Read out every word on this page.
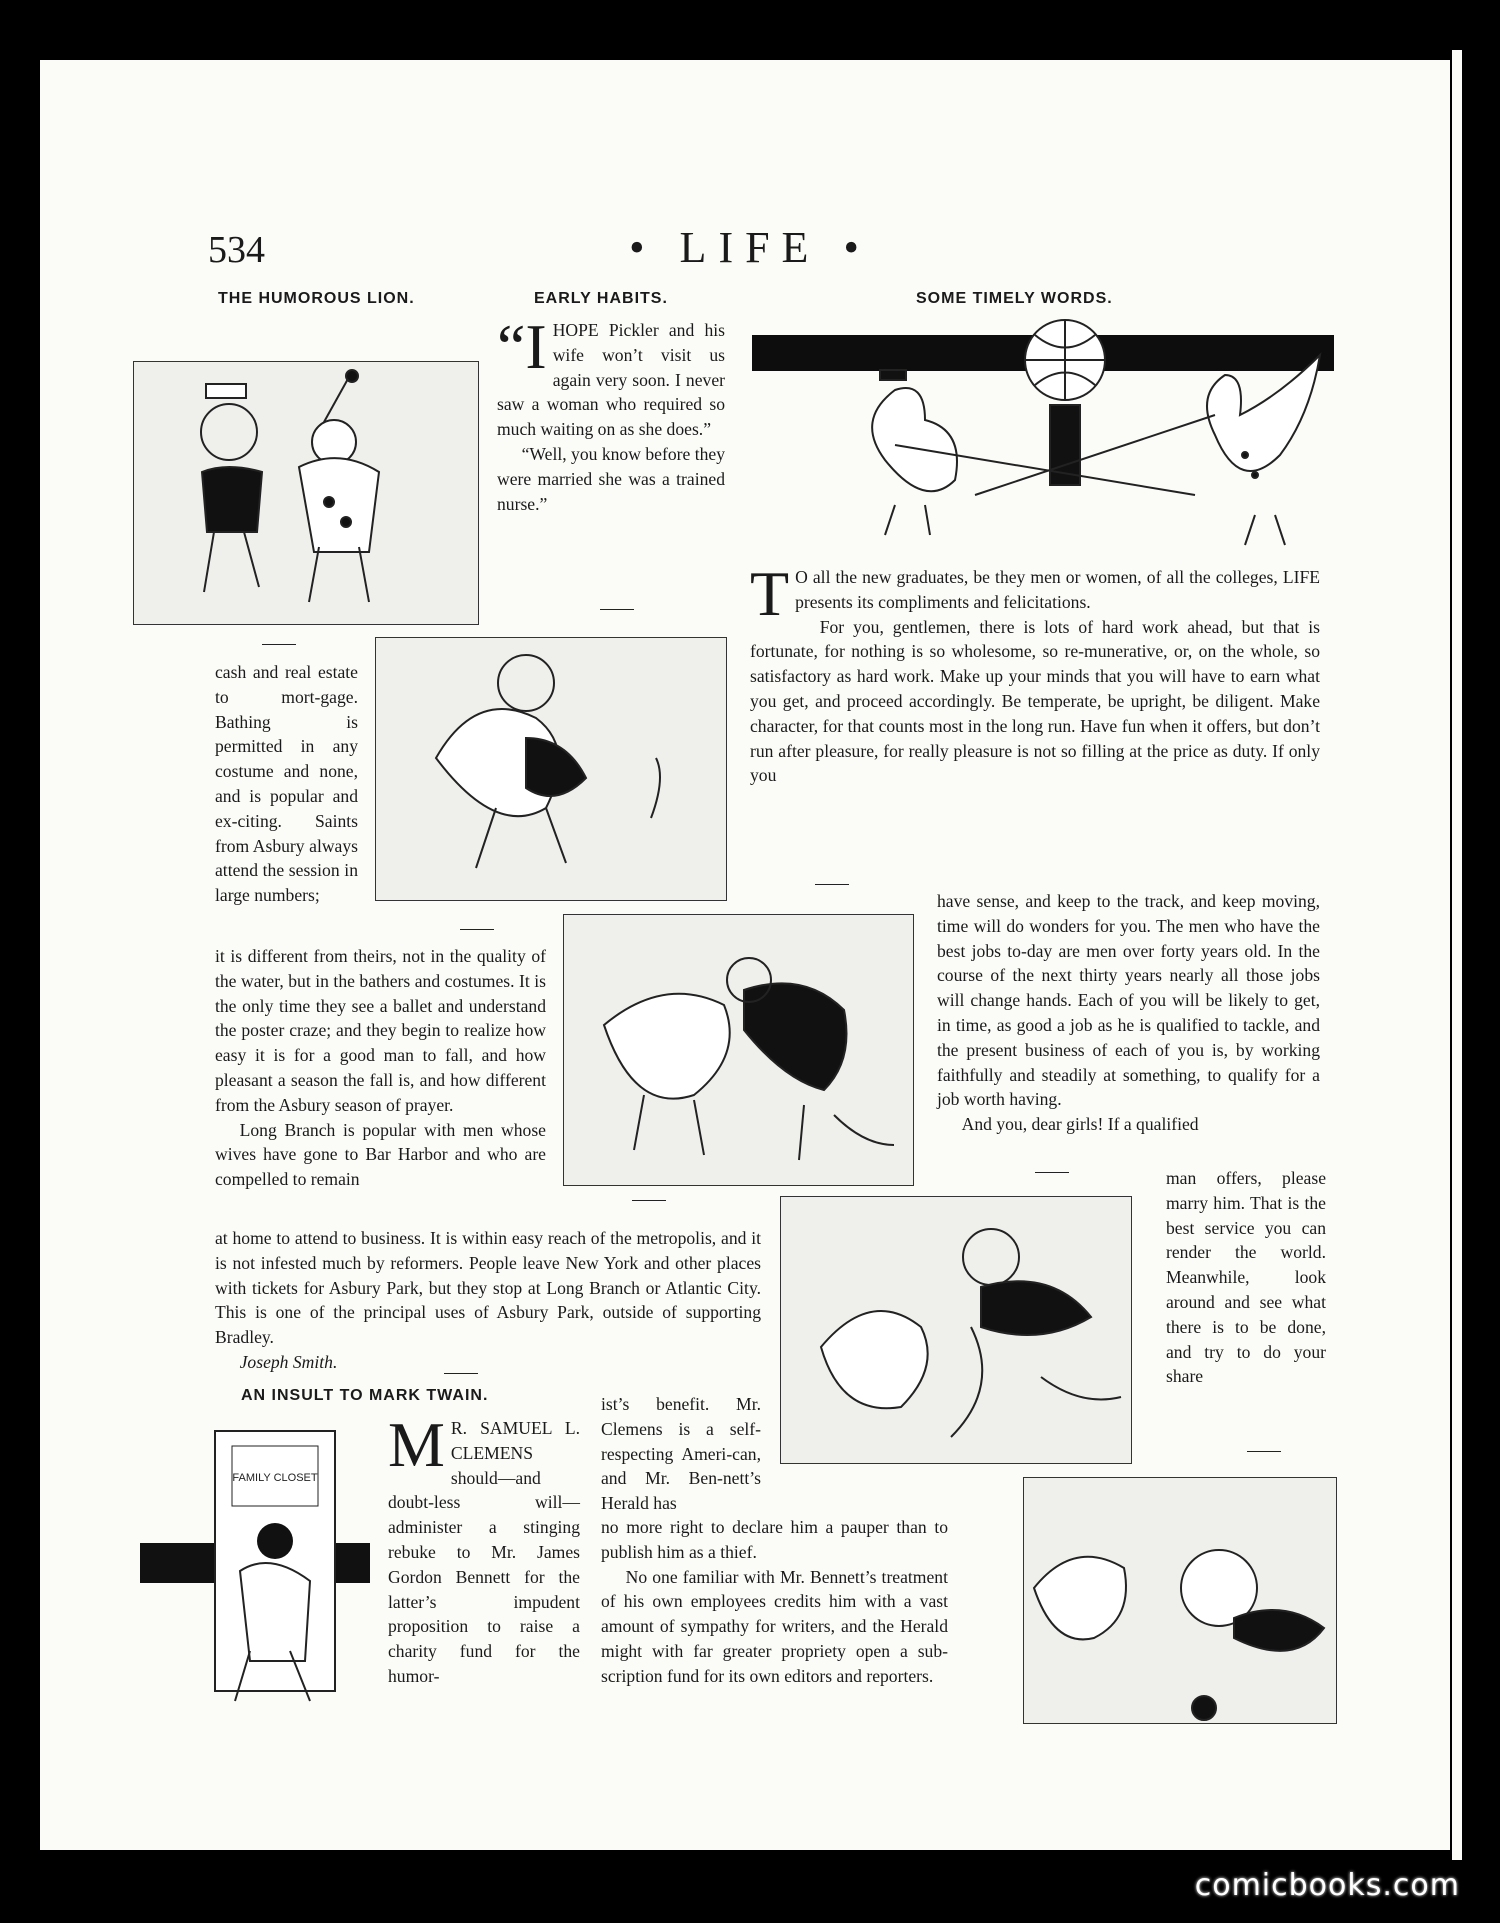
534	• LIFE •
THE HUMOROUS LION.	EARLY HABITS.	SOME TIMELY WORDS.

“IHOPE Pickler and his wife won’t visit us again very soon. I never saw a woman who required so much waiting on as she does.”

“Well, you know before they were married she was a trained nurse.”

T O all the new graduates, be they men or women, of all the colleges, LIFE presents its compliments and felicitations.

For you, gentlemen, there is lots of hard work ahead, but that is fortunate, for nothing is so wholesome, so re-munerative, or, on the whole, so satisfactory as hard work. Make up your minds that you will have to earn what you get, and proceed accordingly. Be temperate, be upright, be diligent. Make character, for that counts most in the long run. Have fun when it offers, but don’t run after pleasure, for really pleasure is not so filling at the price as duty. If only you

have sense, and keep to the track, and keep moving, time will do wonders for you. The men who have the best jobs to-day are men over forty years old. In the course of the next thirty years nearly all those jobs will change hands. Each of you will be likely to get, in time, as good a job as he is qualified to tackle, and the present business of each of you is, by working faithfully and steadily at something, to qualify for a job worth having.

And you, dear girls! If a qualified

man offers, please marry him. That is the best service you can render the world. Meanwhile, look around and see what there is to be done, and try to do your share

cash and real estate to mort-gage. Bathing is permitted in any costume and none, and is popular and ex-citing. Saints from Asbury always attend the session in large numbers;

it is different from theirs, not in the quality of the water, but in the bathers and costumes. It is the only time they see a ballet and understand the poster craze; and they begin to realize how easy it is for a good man to fall, and how pleasant a season the fall is, and how different from the Asbury season of prayer.

Long Branch is popular with men whose wives have gone to Bar Harbor and who are compelled to remain

at home to attend to business. It is within easy reach of the metropolis, and it is not infested much by reformers. People leave New York and other places with tickets for Asbury Park, but they stop at Long Branch or Atlantic City. This is one of the principal uses of Asbury Park, outside of supporting Bradley.

Joseph Smith.

AN INSULT TO MARK TWAIN.
FAMILY CLOSET M R. SAMUEL L. CLEMENS should—and doubt-less will—administer a stinging rebuke to Mr. James Gordon Bennett for the latter’s impudent proposition to raise a charity fund for the humor-

ist’s benefit. Mr. Clemens is a self-respecting Ameri-can, and Mr. Ben-nett’s Herald has

no more right to declare him a pauper than to publish him as a thief.

No one familiar with Mr. Bennett’s treatment of his own employees credits him with a vast amount of sympathy for writers, and the Herald might with far greater propriety open a sub-scription fund for its own editors and reporters.

comicbooks.com
